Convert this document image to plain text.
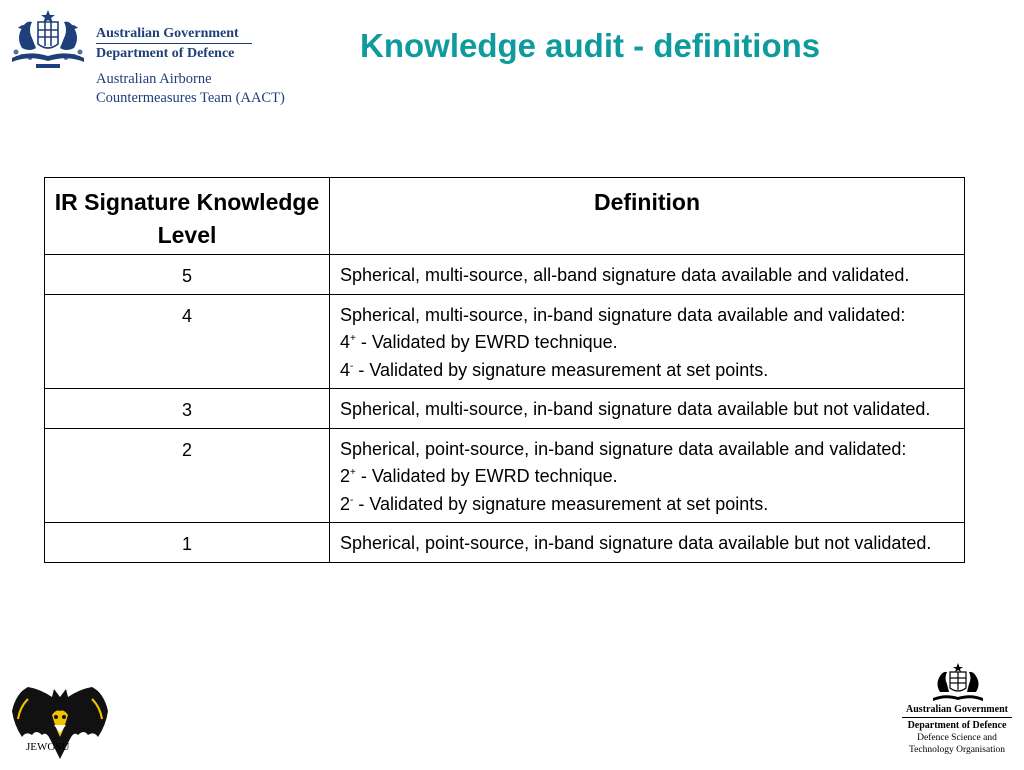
Australian Government
Department of Defence
Australian Airborne
Countermeasures Team (AACT)
Knowledge audit - definitions
IR Signature Knowledge Level	Definition
5	Spherical, multi-source, all-band signature data available and validated.

4	Spherical, multi-source, in-band signature data available and validated:
4+ - Validated by EWRD technique.
4- - Validated by signature measurement at set points.

3	Spherical, multi-source, in-band signature data available but not validated.

2	Spherical, point-source, in-band signature data available and validated:
2+ - Validated by EWRD technique.
2- - Validated by signature measurement at set points.

1	Spherical, point-source, in-band signature data available but not validated.
JEWOSU
Australian Government
Department of Defence
Defence Science and
Technology Organisation
